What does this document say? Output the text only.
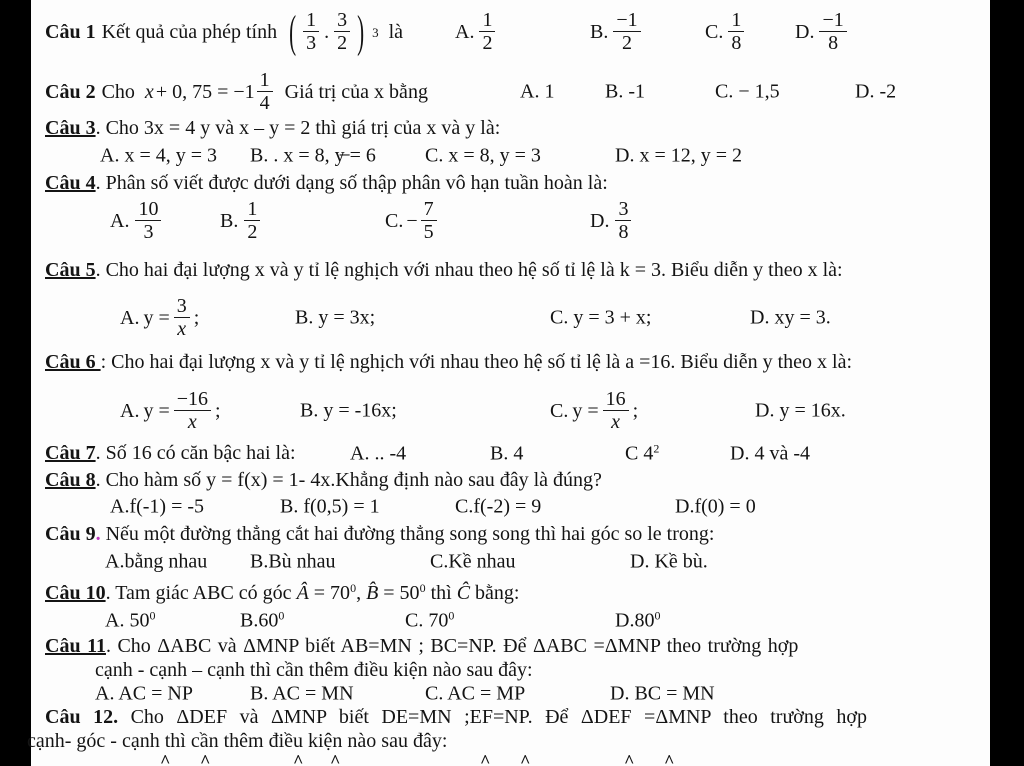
Câu 1 Kết quả của phép tính ( $\frac{1}{3}$ . $\frac{3}{2}$ ) 3 là	A. $\frac{1}{2}$	B. $\frac{-1}{2}$	C. $\frac{1}{8}$	D. $\frac{-1}{8}$
Câu 2 Cho x + 0, $75 = -1 \frac{1}{4}$ Giá trị của x bằng	A. 1	B. -1	C. − 1,5	D. -2
Câu 3. Cho 3x = 4 y và x – y = 2 thì giá trị của x và y là:
A. x = 4, y = 3 B. . x = 8, y̶ = 6 C. x = 8, y = 3	D. x = 12, y = 2
Câu 4. Phân số viết được dưới dạng số thập phân vô hạn tuần hoàn là:
A. $\frac{10}{3}$	B. $\frac{1}{2}$	C. − $\frac{7}{5}$	D. $\frac{3}{8}$
Câu 5. Cho hai đại lượng x và y tỉ lệ nghịch với nhau theo hệ số tỉ lệ là k = 3. Biểu diễn y theo x là:
A. $y = \frac{3}{x}$ ;	B. y = 3x;	C. y = 3 + x;	D. xy = 3.
Câu 6 : Cho hai đại lượng x và y tỉ lệ nghịch với nhau theo hệ số tỉ lệ là a =16. Biểu diễn y theo x là:
A. $y = \frac{-16}{x}$ ;	B. y = -16x;	C. $y = \frac{16}{x}$ ;	D. y = 16x.
Câu 7. Số 16 có căn bậc hai là:	A. .. -4	B. 4	C $4^2$	D. 4 và -4
Câu 8. Cho hàm số y = f(x) = 1- 4x.Khẳng định nào sau đây là đúng?
A.f(-1) = -5	B. f(0,5) = 1	C.f(-2) = 9	D.f(0) = 0
Câu 9. Nếu một đường thẳng cắt hai đường thẳng song song thì hai góc so le trong:
A.bằng nhau B.Bù nhau	C.Kề nhau	D. Kề bù.
Câu 10. Tam giác ABC có góc Â = $70^0$, B̂ = $50^0$ thì Ĉ bằng:
A. $50^0$	$B.60^0$	C. $70^0$	$D.80^0$
Câu 11. Cho ΔABC và ΔMNP biết AB=MN ; BC=NP. Để ΔABC =ΔMNP theo trường hợp
cạnh - cạnh – cạnh thì cần thêm điều kiện nào sau đây:
A. AC = NP	B. AC = MN	C. AC = MP	D. BC = MN
Câu 12. Cho ΔDEF và ΔMNP biết DE=MN ;EF=NP. Để ΔDEF =ΔMNP theo trường hợp
cạnh- góc - cạnh thì cần thêm điều kiện nào sau đây:
^ ^	^ ^	^ ^	^ ^
